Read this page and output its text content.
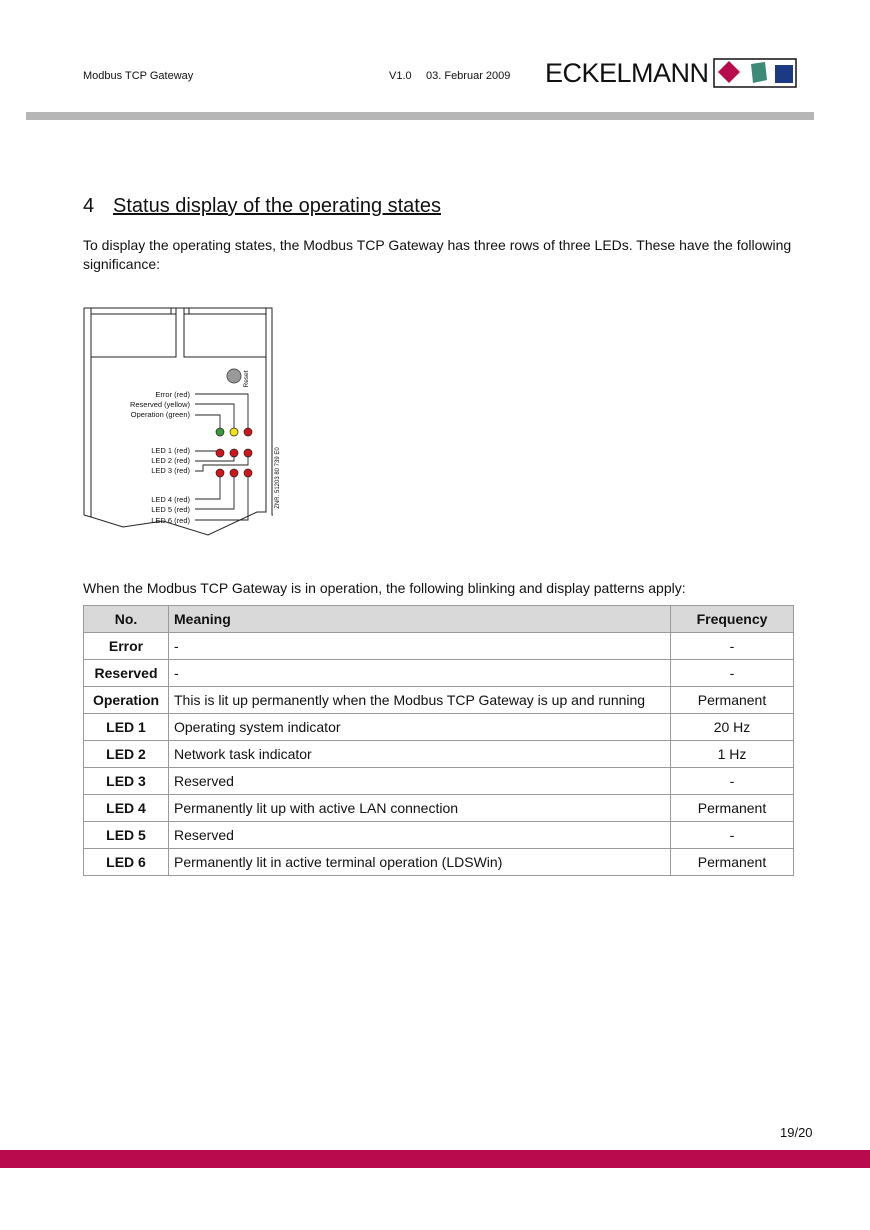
Modbus TCP Gateway	V1.0 03. Februar 2009 ECKELMANN
4 Status display of the operating states
To display the operating states, the Modbus TCP Gateway has three rows of three LEDs. These have the following significance:
Reset
Error (red)
Reserved (yellow)
Operation (green)
LED 1 (red)
LED 2 (red)
LED 3 (red)
LED 4 (red)
LED 5 (red)
LED 6 (red)
ZNR. 51203 80 739 E0
When the Modbus TCP Gateway is in operation, the following blinking and display patterns apply:
No.	Meaning	Frequency
Error	-	-
Reserved	-	-
Operation	This is lit up permanently when the Modbus TCP Gateway is up and running	Permanent
LED 1	Operating system indicator	20 Hz
LED 2	Network task indicator	1 Hz
LED 3	Reserved	-
LED 4	Permanently lit up with active LAN connection	Permanent
LED 5	Reserved	-
LED 6	Permanently lit in active terminal operation (LDSWin)	Permanent
19/20
